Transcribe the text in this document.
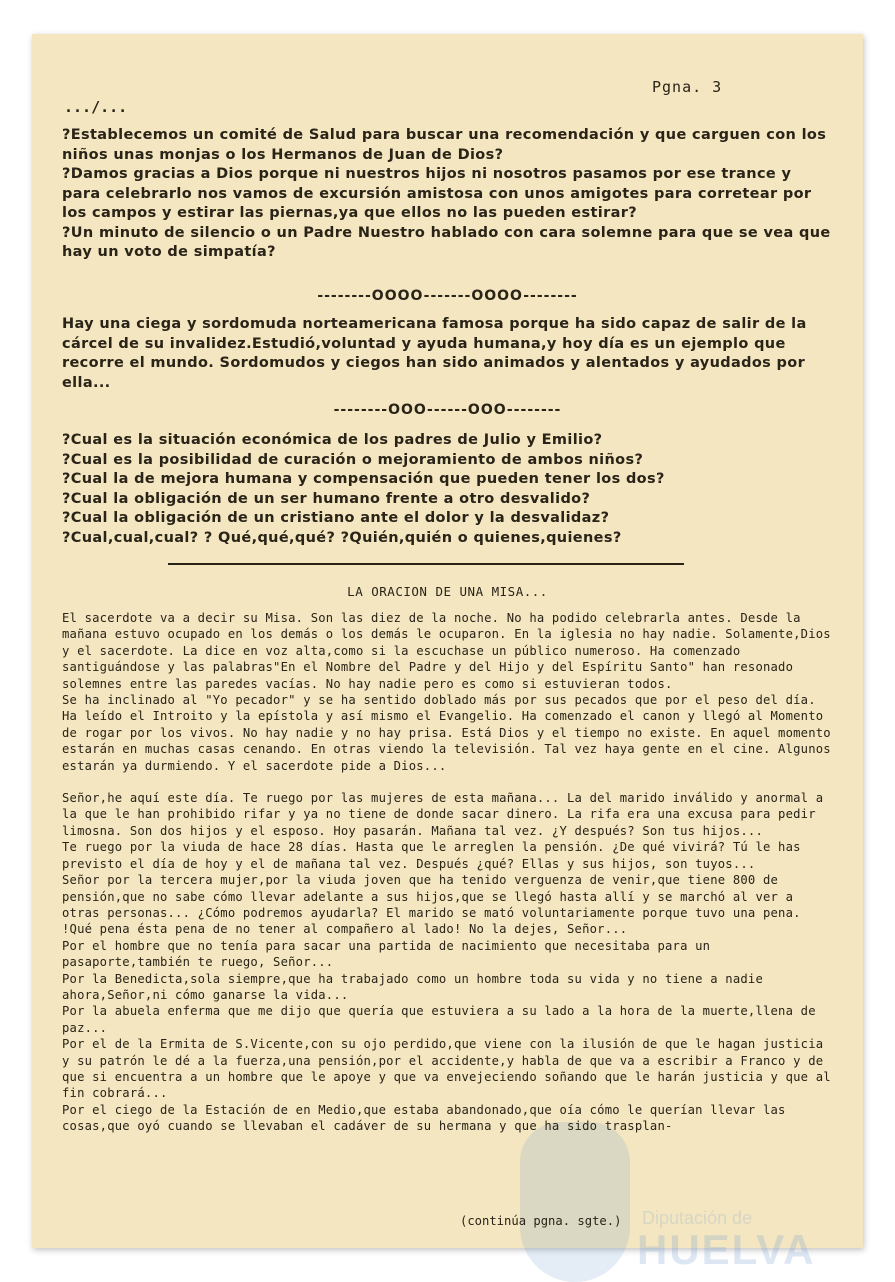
Diputación de
HUELVA
Pgna. 3
.../...

?Establecemos un comité de Salud para buscar una recomendación y que carguen con los niños unas monjas o los Hermanos de Juan de Dios?

?Damos gracias a Dios porque ni nuestros hijos ni nosotros pasamos por ese trance y para celebrarlo nos vamos de excursión amistosa con unos amigotes para corretear por los campos y estirar las piernas,ya que ellos no las pueden estirar?

?Un minuto de silencio o un Padre Nuestro hablado con cara solemne para que se vea que hay un voto de simpatía?

--------OOOO-------OOOO--------

Hay una ciega y sordomuda norteamericana famosa porque ha sido capaz de salir de la cárcel de su invalidez.Estudió,voluntad y ayuda humana,y hoy día es un ejemplo que recorre el mundo. Sordomudos y ciegos han sido animados y alentados y ayudados por ella...

--------OOO------OOO--------

?Cual es la situación económica de los padres de Julio y Emilio?

?Cual es la posibilidad de curación o mejoramiento de ambos niños?

?Cual la de mejora humana y compensación que pueden tener los dos?

?Cual la obligación de un ser humano frente a otro desvalido?

?Cual la obligación de un cristiano ante el dolor y la desvalidaz?

?Cual,cual,cual? ? Qué,qué,qué? ?Quién,quién o quienes,quienes?

LA ORACION DE UNA MISA...

El sacerdote va a decir su Misa. Son las diez de la noche. No ha podido celebrarla antes. Desde la mañana estuvo ocupado en los demás o los demás le ocuparon. En la iglesia no hay nadie. Solamente,Dios y el sacerdote. La dice en voz alta,como si la escuchase un público numeroso. Ha comenzado santiguándose y las palabras"En el Nombre del Padre y del Hijo y del Espíritu Santo" han resonado solemnes entre las paredes vacías. No hay nadie pero es como si estuvieran todos.

Se ha inclinado al "Yo pecador" y se ha sentido doblado más por sus pecados que por el peso del día. Ha leído el Introito y la epístola y así mismo el Evangelio. Ha comenzado el canon y llegó al Momento de rogar por los vivos. No hay nadie y no hay prisa. Está Dios y el tiempo no existe. En aquel momento estarán en muchas casas cenando. En otras viendo la televisión. Tal vez haya gente en el cine. Algunos estarán ya durmiendo. Y el sacerdote pide a Dios...

Señor,he aquí este día. Te ruego por las mujeres de esta mañana... La del marido inválido y anormal a la que le han prohibido rifar y ya no tiene de donde sacar dinero. La rifa era una excusa para pedir limosna. Son dos hijos y el esposo. Hoy pasarán. Mañana tal vez. ¿Y después? Son tus hijos...

Te ruego por la viuda de hace 28 días. Hasta que le arreglen la pensión. ¿De qué vivirá? Tú le has previsto el día de hoy y el de mañana tal vez. Después ¿qué? Ellas y sus hijos, son tuyos...

Señor por la tercera mujer,por la viuda joven que ha tenido verguenza de venir,que tiene 800 de pensión,que no sabe cómo llevar adelante a sus hijos,que se llegó hasta allí y se marchó al ver a otras personas... ¿Cómo podremos ayudarla? El marido se mató voluntariamente porque tuvo una pena. !Qué pena ésta pena de no tener al compañero al lado! No la dejes, Señor...

Por el hombre que no tenía para sacar una partida de nacimiento que necesitaba para un pasaporte,también te ruego, Señor...

Por la Benedicta,sola siempre,que ha trabajado como un hombre toda su vida y no tiene a nadie ahora,Señor,ni cómo ganarse la vida...

Por la abuela enferma que me dijo que quería que estuviera a su lado a la hora de la muerte,llena de paz...

Por el de la Ermita de S.Vicente,con su ojo perdido,que viene con la ilusión de que le hagan justicia y su patrón le dé a la fuerza,una pensión,por el accidente,y habla de que va a escribir a Franco y de que si encuentra a un hombre que le apoye y que va envejeciendo soñando que le harán justicia y que al fin cobrará...

Por el ciego de la Estación de en Medio,que estaba abandonado,que oía cómo le querían llevar las cosas,que oyó cuando se llevaban el cadáver de su hermana y que ha sido trasplan-

(continúa pgna. sgte.)
